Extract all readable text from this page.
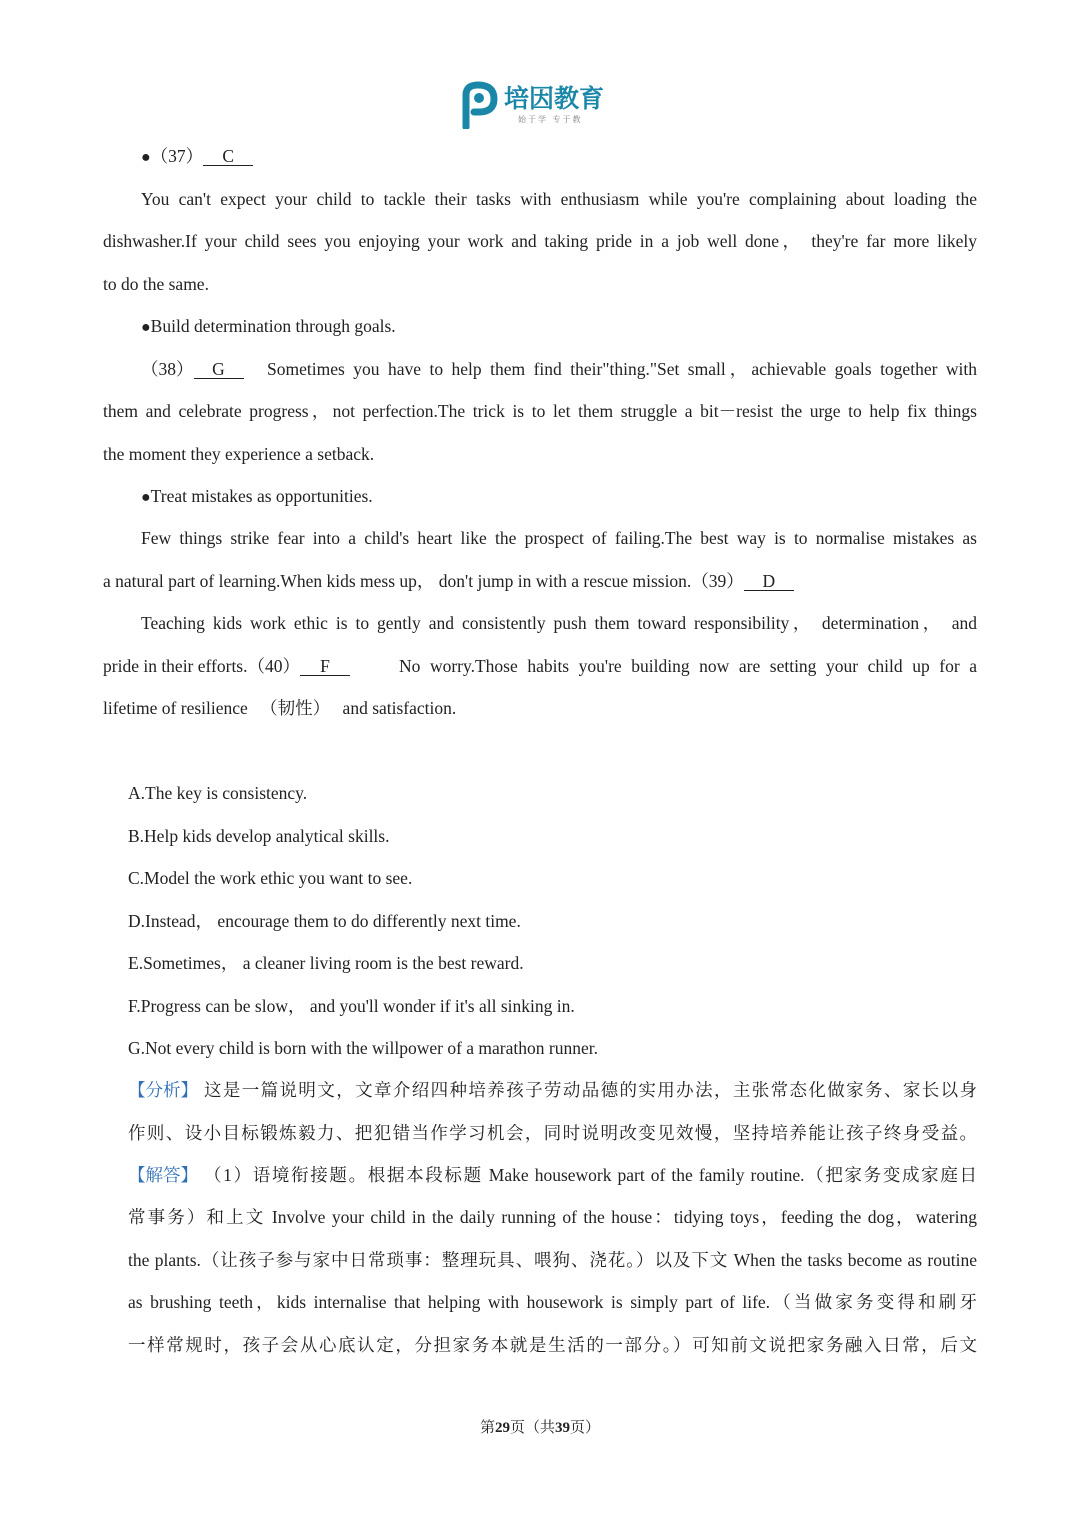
培因教育
始于学 专于教
●（37） C
You can't expect your child to tackle their tasks with enthusiasm while you're complaining about loading the
dishwasher.If your child sees you enjoying your work and taking pride in a job well done， they're far more likely
to do the same.
●Build determination through goals.
（38） G	Sometimes you have to help them find their"thing."Set small，achievable goals together with
them and celebrate progress，not perfection.The trick is to let them struggle a bit－resist the urge to help fix things
the moment they experience a setback.
●Treat mistakes as opportunities.
Few things strike fear into a child's heart like the prospect of failing.The best way is to normalise mistakes as
a natural part of learning.When kids mess up， don't jump in with a rescue mission.（39） D
Teaching kids work ethic is to gently and consistently push them toward responsibility， determination， and
pride in their efforts.（40） F	No worry.Those habits you're building now are setting your child up for a
lifetime of resilience （韧性） and satisfaction.
A.The key is consistency.
B.Help kids develop analytical skills.
C.Model the work ethic you want to see.
D.Instead， encourage them to do differently next time.
E.Sometimes， a cleaner living room is the best reward.
F.Progress can be slow， and you'll wonder if it's all sinking in.
G.Not every child is born with the willpower of a marathon runner.
【分析】 这是一篇说明文，文章介绍四种培养孩子劳动品德的实用办法，主张常态化做家务、家长以身
作则、设小目标锻炼毅力、把犯错当作学习机会，同时说明改变见效慢，坚持培养能让孩子终身受益。
【解答】 （1）语境衔接题。根据本段标题 Make housework part of the family routine.（把家务变成家庭日
常事务）和上文 Involve your child in the daily running of the house：tidying toys，feeding the dog，watering
the plants.（让孩子参与家中日常琐事：整理玩具、喂狗、浇花。）以及下文 When the tasks become as routine
as brushing teeth，kids internalise that helping with housework is simply part of life.（当做家务变得和刷牙
一样常规时，孩子会从心底认定，分担家务本就是生活的一部分。）可知前文说把家务融入日常，后文
第29页（共39页）
